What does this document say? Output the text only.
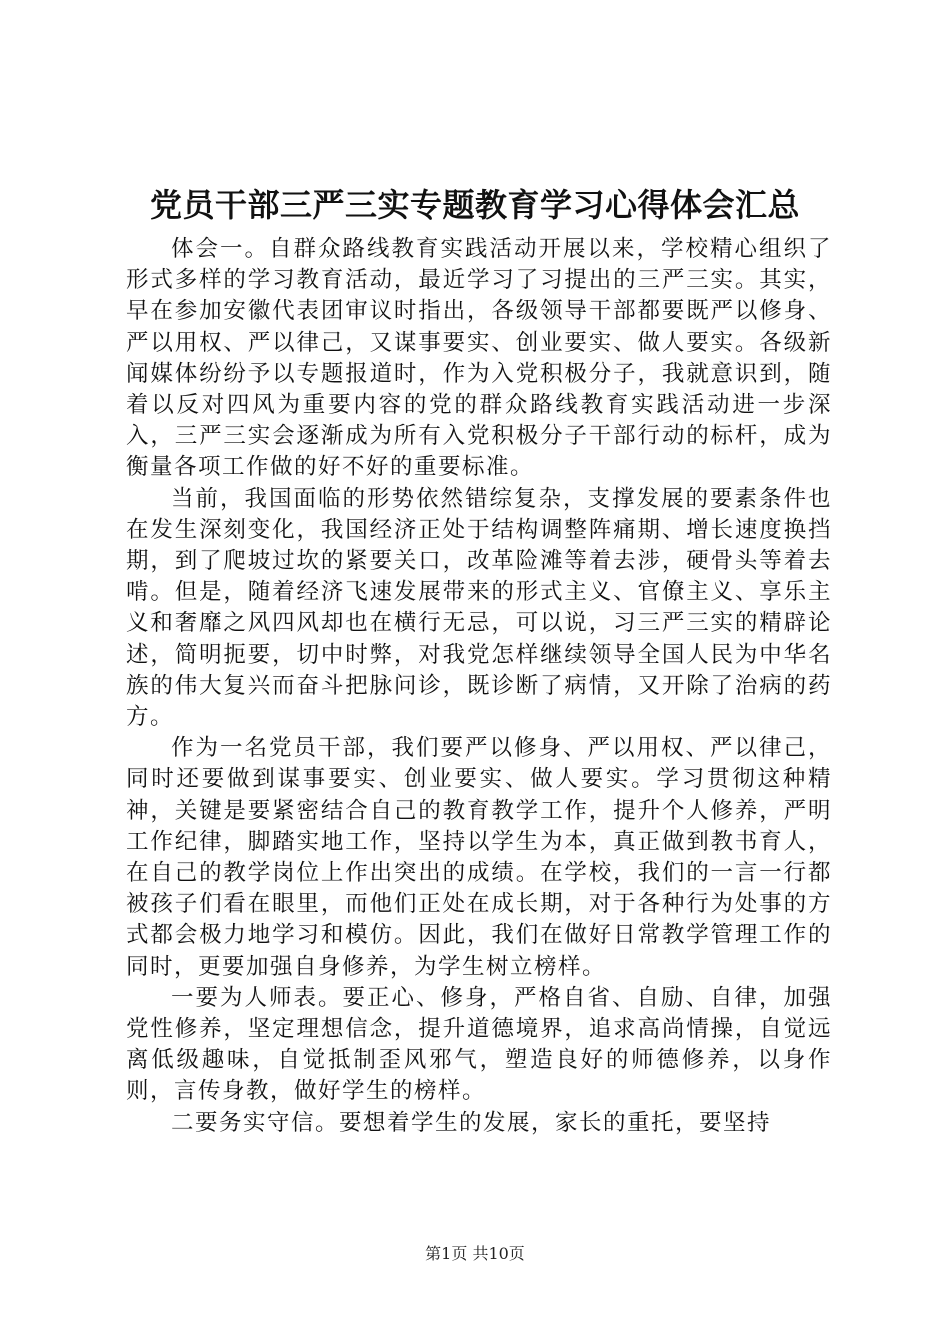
党员干部三严三实专题教育学习心得体会汇总

体会一。自群众路线教育实践活动开展以来，学校精心组织了形式多样的学习教育活动，最近学习了习提出的三严三实。其实，早在参加安徽代表团审议时指出，各级领导干部都要既严以修身、严以用权、严以律己，又谋事要实、创业要实、做人要实。各级新闻媒体纷纷予以专题报道时，作为入党积极分子，我就意识到，随着以反对四风为重要内容的党的群众路线教育实践活动进一步深入，三严三实会逐渐成为所有入党积极分子干部行动的标杆，成为衡量各项工作做的好不好的重要标准。

当前，我国面临的形势依然错综复杂，支撑发展的要素条件也在发生深刻变化，我国经济正处于结构调整阵痛期、增长速度换挡期，到了爬坡过坎的紧要关口，改革险滩等着去涉，硬骨头等着去啃。但是，随着经济飞速发展带来的形式主义、官僚主义、享乐主义和奢靡之风四风却也在横行无忌，可以说，习三严三实的精辟论述，简明扼要，切中时弊，对我党怎样继续领导全国人民为中华名族的伟大复兴而奋斗把脉问诊，既诊断了病情，又开除了治病的药方。

作为一名党员干部，我们要严以修身、严以用权、严以律己，同时还要做到谋事要实、创业要实、做人要实。学习贯彻这种精神，关键是要紧密结合自己的教育教学工作，提升个人修养，严明工作纪律，脚踏实地工作，坚持以学生为本，真正做到教书育人，在自己的教学岗位上作出突出的成绩。在学校，我们的一言一行都被孩子们看在眼里，而他们正处在成长期，对于各种行为处事的方式都会极力地学习和模仿。因此，我们在做好日常教学管理工作的同时，更要加强自身修养，为学生树立榜样。

一要为人师表。要正心、修身，严格自省、自励、自律，加强党性修养，坚定理想信念，提升道德境界，追求高尚情操，自觉远离低级趣味，自觉抵制歪风邪气，塑造良好的师德修养，以身作则，言传身教，做好学生的榜样。

二要务实守信。要想着学生的发展，家长的重托，要坚持

第1页 共10页
